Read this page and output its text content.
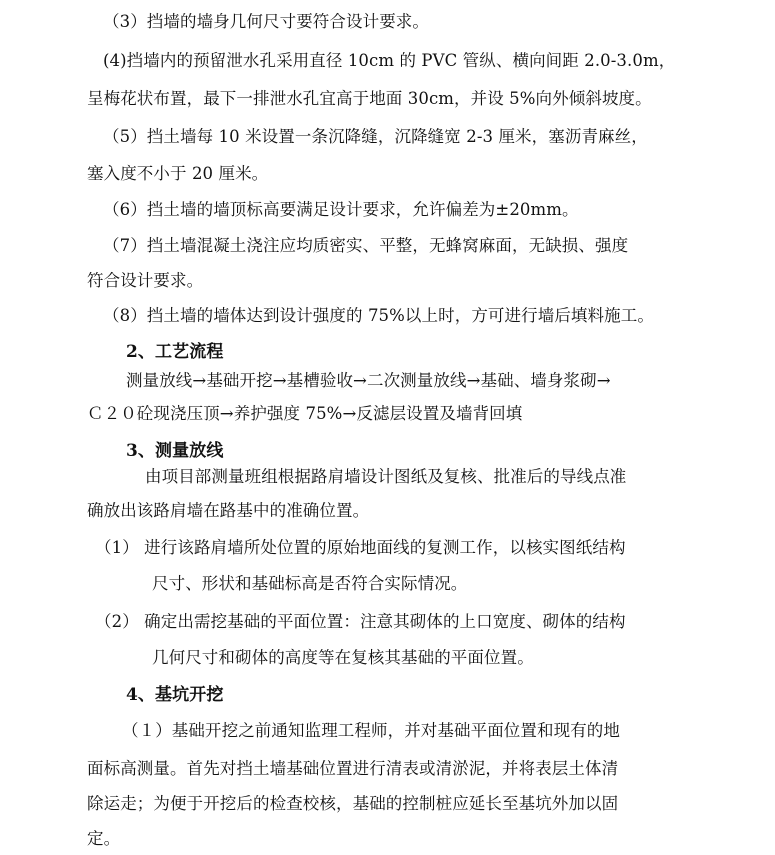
（3）挡墙的墙身几何尺寸要符合设计要求。
(4)挡墙内的预留泄水孔采用直径 10cm 的 PVC 管纵、横向间距 2.0-3.0m，
呈梅花状布置，最下一排泄水孔宜高于地面 30cm，并设 5%向外倾斜坡度。
（5）挡土墙每 10 米设置一条沉降缝，沉降缝宽 2-3 厘米，塞沥青麻丝，
塞入度不小于 20 厘米。
（6）挡土墙的墙顶标高要满足设计要求，允许偏差为±20mm。
（7）挡土墙混凝土浇注应均质密实、平整，无蜂窝麻面，无缺损、强度
符合设计要求。
（8）挡土墙的墙体达到设计强度的 75%以上时，方可进行墙后填料施工。
2、工艺流程
测量放线→基础开挖→基槽验收→二次测量放线→基础、墙身浆砌→
Ｃ２０砼现浇压顶→养护强度 75%→反滤层设置及墙背回填
3、测量放线
由项目部测量班组根据路肩墙设计图纸及复核、批准后的导线点准
确放出该路肩墙在路基中的准确位置。
（1） 进行该路肩墙所处位置的原始地面线的复测工作，以核实图纸结构
尺寸、形状和基础标高是否符合实际情况。
（2） 确定出需挖基础的平面位置：注意其砌体的上口宽度、砌体的结构
几何尺寸和砌体的高度等在复核其基础的平面位置。
4、基坑开挖
（１）基础开挖之前通知监理工程师，并对基础平面位置和现有的地
面标高测量。首先对挡土墙基础位置进行清表或清淤泥，并将表层土体清
除运走；为便于开挖后的检查校核，基础的控制桩应延长至基坑外加以固
定。
